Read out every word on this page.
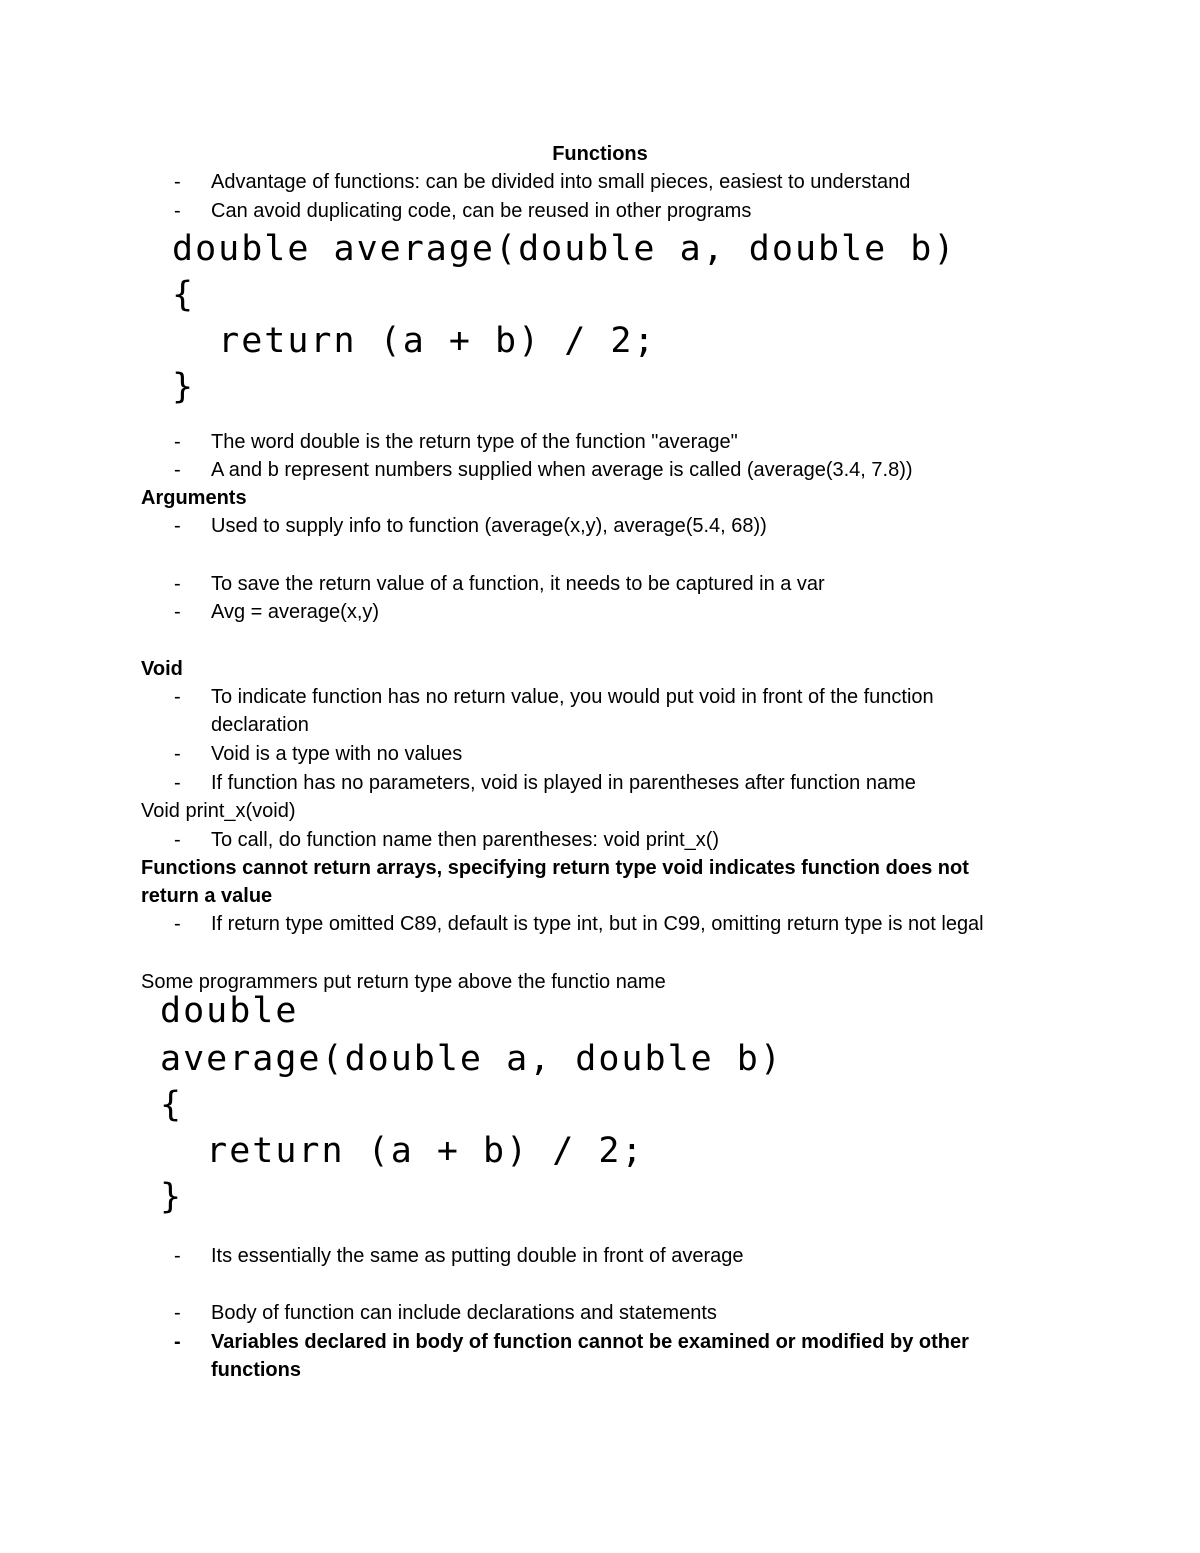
Functions
- Advantage of functions: can be divided into small pieces, easiest to understand
- Can avoid duplicating code, can be reused in other programs
double average(double a, double b)
{
return (a + b) / 2;
}
- The word double is the return type of the function "average"
- A and b represent numbers supplied when average is called (average(3.4, 7.8))
Arguments
- Used to supply info to function (average(x,y), average(5.4, 68))
- To save the return value of a function, it needs to be captured in a var
- Avg = average(x,y)
Void
- To indicate function has no return value, you would put void in front of the function
declaration
- Void is a type with no values
- If function has no parameters, void is played in parentheses after function name
Void print_x(void)
- To call, do function name then parentheses: void print_x()
Functions cannot return arrays, specifying return type void indicates function does not
return a value
- If return type omitted C89, default is type int, but in C99, omitting return type is not legal
Some programmers put return type above the functio name
double
average(double a, double b)
{
return (a + b) / 2;
}
- Its essentially the same as putting double in front of average
- Body of function can include declarations and statements
- Variables declared in body of function cannot be examined or modified by other
functions
